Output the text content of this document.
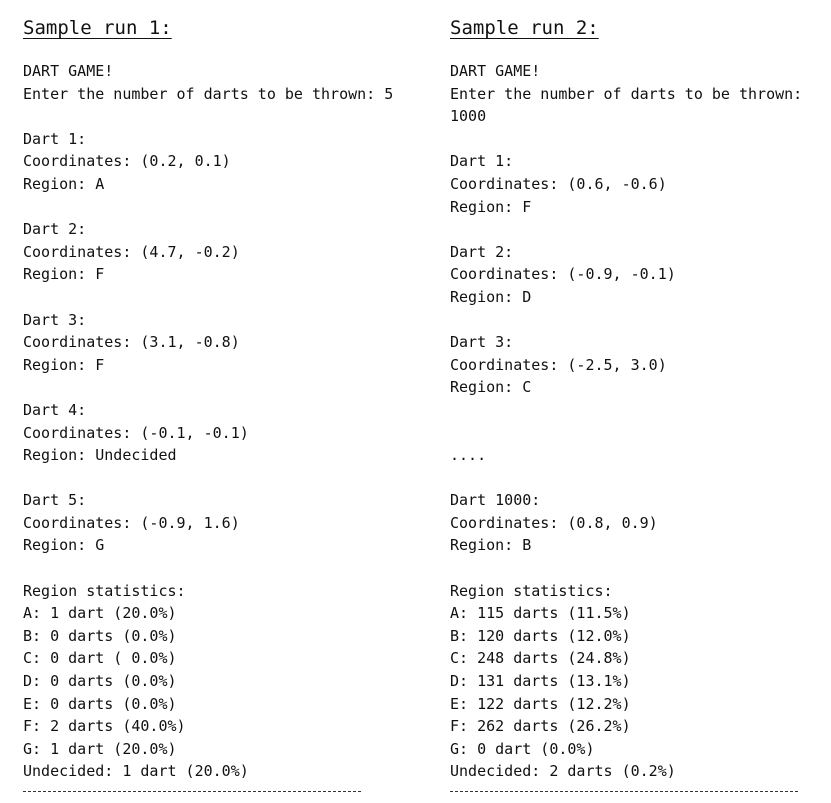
Sample run 1:
DART GAME!
Enter the number of darts to be thrown: 5
Dart 1:
Coordinates: (0.2, 0.1)
Region: A
Dart 2:
Coordinates: (4.7, -0.2)
Region: F
Dart 3:
Coordinates: (3.1, -0.8)
Region: F
Dart 4:
Coordinates: (-0.1, -0.1)
Region: Undecided
Dart 5:
Coordinates: (-0.9, 1.6)
Region: G
Region statistics:
A: 1 dart (20.0%)
B: 0 darts (0.0%)
C: 0 dart ( 0.0%)
D: 0 darts (0.0%)
E: 0 darts (0.0%)
F: 2 darts (40.0%)
G: 1 dart (20.0%)
Undecided: 1 dart (20.0%)
Sample run 2:
DART GAME!
Enter the number of darts to be thrown:
1000
Dart 1:
Coordinates: (0.6, -0.6)
Region: F
Dart 2:
Coordinates: (-0.9, -0.1)
Region: D
Dart 3:
Coordinates: (-2.5, 3.0)
Region: C
....
Dart 1000:
Coordinates: (0.8, 0.9)
Region: B
Region statistics:
A: 115 darts (11.5%)
B: 120 darts (12.0%)
C: 248 darts (24.8%)
D: 131 darts (13.1%)
E: 122 darts (12.2%)
F: 262 darts (26.2%)
G: 0 dart (0.0%)
Undecided: 2 darts (0.2%)
